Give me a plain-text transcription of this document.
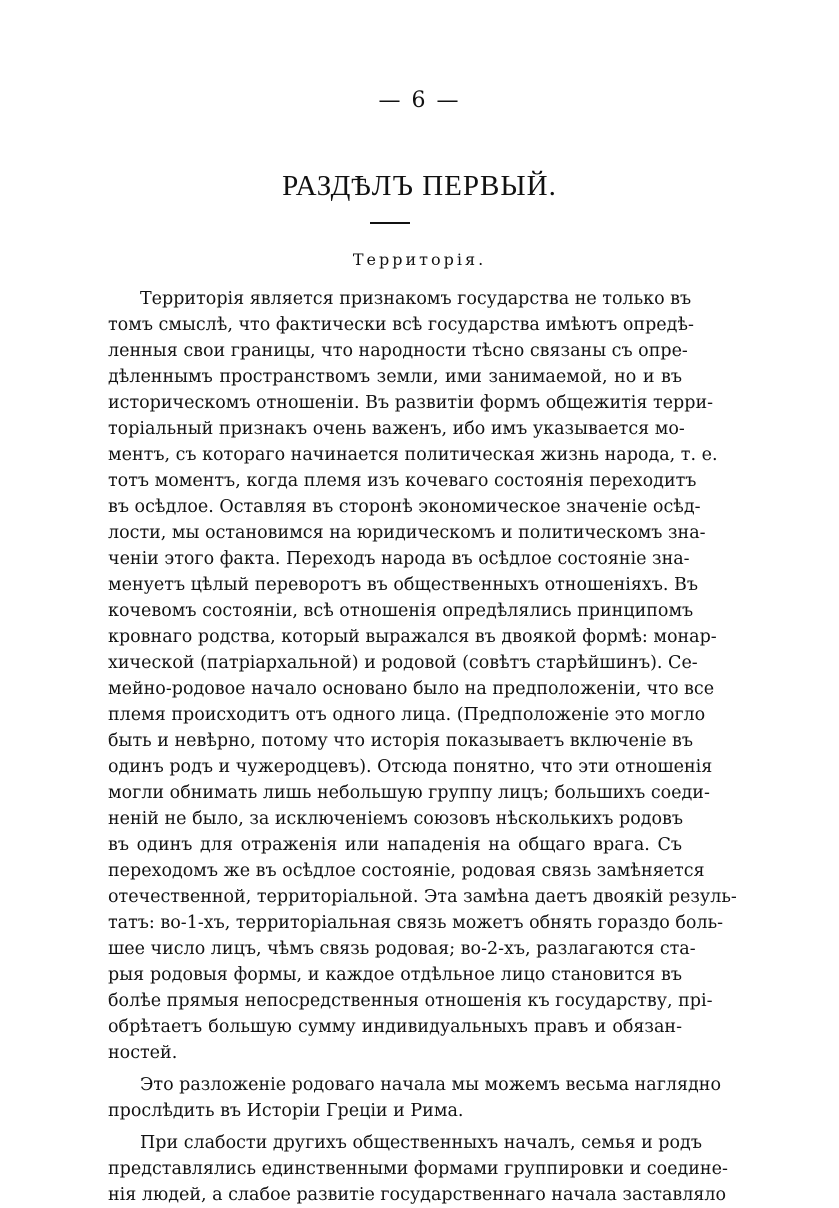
— 6 —
РАЗДѢЛЪ ПЕРВЫЙ.
Территорія.
Территорія является признакомъ государства не только въ
томъ смыслѣ, что фактически всѣ государства имѣютъ опредѣ-
ленныя свои границы, что народности тѣсно связаны съ опре-
дѣленнымъ пространствомъ земли, ими занимаемой, но и въ
историческомъ отношеніи. Въ развитіи формъ общежитія терри-
торіальный признакъ очень важенъ, ибо имъ указывается мо-
ментъ, съ котораго начинается политическая жизнь народа, т. е.
тотъ моментъ, когда племя изъ кочеваго состоянія переходитъ
въ осѣдлое. Оставляя въ сторонѣ экономическое значеніе осѣд-
лости, мы остановимся на юридическомъ и политическомъ зна-
ченіи этого факта. Переходъ народа въ осѣдлое состояніе зна-
менуетъ цѣлый переворотъ въ общественныхъ отношеніяхъ. Въ
кочевомъ состояніи, всѣ отношенія опредѣлялись принципомъ
кровнаго родства, который выражался въ двоякой формѣ: монар-
хической (патріархальной) и родовой (совѣтъ старѣйшинъ). Се-
мейно-родовое начало основано было на предположеніи, что все
племя происходитъ отъ одного лица. (Предположеніе это могло
быть и невѣрно, потому что исторія показываетъ включеніе въ
одинъ родъ и чужеродцевъ). Отсюда понятно, что эти отношенія
могли обнимать лишь небольшую группу лицъ; большихъ соеди-
неній не было, за исключеніемъ союзовъ нѣсколькихъ родовъ
въ одинъ для отраженія или нападенія на общаго врага. Съ
переходомъ же въ осѣдлое состояніе, родовая связь замѣняется
отечественной, территоріальной. Эта замѣна даетъ двоякій резуль-
татъ: во-1-хъ, территоріальная связь можетъ обнять гораздо боль-
шее число лицъ, чѣмъ связь родовая; во-2-хъ, разлагаются ста-
рыя родовыя формы, и каждое отдѣльное лицо становится въ
болѣе прямыя непосредственныя отношенія къ государству, прі-
обрѣтаетъ большую сумму индивидуальныхъ правъ и обязан-
ностей.
Это разложеніе родоваго начала мы можемъ весьма наглядно
прослѣдить въ Исторіи Греціи и Рима.
При слабости другихъ общественныхъ началъ, семья и родъ
представлялись единственными формами группировки и соедине-
нія людей, а слабое развитіе государственнаго начала заставляло
